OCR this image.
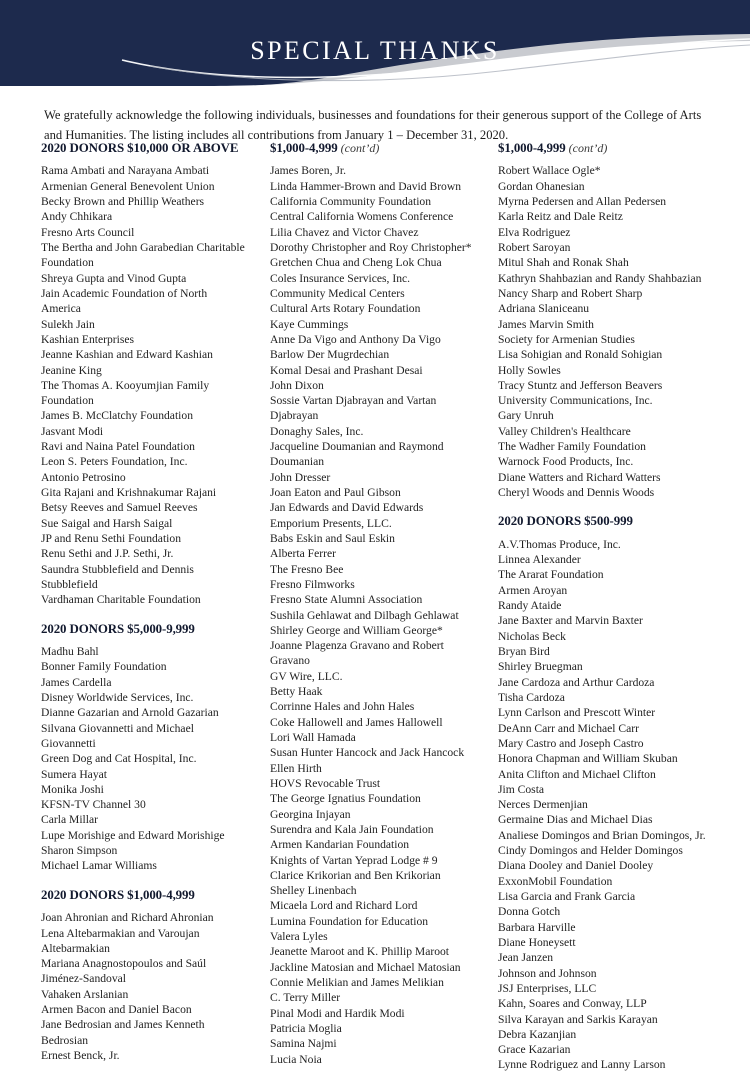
SPECIAL THANKS

We gratefully acknowledge the following individuals, businesses and foundations for their generous support of the College of Arts and Humanities. The listing includes all contributions from January 1 – December 31, 2020.

2020 DONORS $10,000 OR ABOVE
Rama Ambati and Narayana Ambati
Armenian General Benevolent Union
Becky Brown and Phillip Weathers
Andy Chhikara
Fresno Arts Council
The Bertha and John Garabedian Charitable
Foundation
Shreya Gupta and Vinod Gupta
Jain Academic Foundation of North
America
Sulekh Jain
Kashian Enterprises
Jeanne Kashian and Edward Kashian
Jeanine King
The Thomas A. Kooyumjian Family
Foundation
James B. McClatchy Foundation
Jasvant Modi
Ravi and Naina Patel Foundation
Leon S. Peters Foundation, Inc.
Antonio Petrosino
Gita Rajani and Krishnakumar Rajani
Betsy Reeves and Samuel Reeves
Sue Saigal and Harsh Saigal
JP and Renu Sethi Foundation
Renu Sethi and J.P. Sethi, Jr.
Saundra Stubblefield and Dennis
Stubblefield
Vardhaman Charitable Foundation
2020 DONORS $5,000-9,999
Madhu Bahl
Bonner Family Foundation
James Cardella
Disney Worldwide Services, Inc.
Dianne Gazarian and Arnold Gazarian
Silvana Giovannetti and Michael
Giovannetti
Green Dog and Cat Hospital, Inc.
Sumera Hayat
Monika Joshi
KFSN-TV Channel 30
Carla Millar
Lupe Morishige and Edward Morishige
Sharon Simpson
Michael Lamar Williams
2020 DONORS $1,000-4,999
Joan Ahronian and Richard Ahronian
Lena Altebarmakian and Varoujan
Altebarmakian
Mariana Anagnostopoulos and Saúl
Jiménez-Sandoval
Vahaken Arslanian
Armen Bacon and Daniel Bacon
Jane Bedrosian and James Kenneth
Bedrosian
Ernest Benck, Jr.
$1,000-4,999 (cont’d)
James Boren, Jr.
Linda Hammer-Brown and David Brown
California Community Foundation
Central California Womens Conference
Lilia Chavez and Victor Chavez
Dorothy Christopher and Roy Christopher*
Gretchen Chua and Cheng Lok Chua
Coles Insurance Services, Inc.
Community Medical Centers
Cultural Arts Rotary Foundation
Kaye Cummings
Anne Da Vigo and Anthony Da Vigo
Barlow Der Mugrdechian
Komal Desai and Prashant Desai
John Dixon
Sossie Vartan Djabrayan and Vartan
Djabrayan
Donaghy Sales, Inc.
Jacqueline Doumanian and Raymond
Doumanian
John Dresser
Joan Eaton and Paul Gibson
Jan Edwards and David Edwards
Emporium Presents, LLC.
Babs Eskin and Saul Eskin
Alberta Ferrer
The Fresno Bee
Fresno Filmworks
Fresno State Alumni Association
Sushila Gehlawat and Dilbagh Gehlawat
Shirley George and William George*
Joanne Plagenza Gravano and Robert
Gravano
GV Wire, LLC.
Betty Haak
Corrinne Hales and John Hales
Coke Hallowell and James Hallowell
Lori Wall Hamada
Susan Hunter Hancock and Jack Hancock
Ellen Hirth
HOVS Revocable Trust
The George Ignatius Foundation
Georgina Injayan
Surendra and Kala Jain Foundation
Armen Kandarian Foundation
Knights of Vartan Yeprad Lodge # 9
Clarice Krikorian and Ben Krikorian
Shelley Linenbach
Micaela Lord and Richard Lord
Lumina Foundation for Education
Valera Lyles
Jeanette Maroot and K. Phillip Maroot
Jackline Matosian and Michael Matosian
Connie Melikian and James Melikian
C. Terry Miller
Pinal Modi and Hardik Modi
Patricia Moglia
Samina Najmi
Lucia Noia
$1,000-4,999 (cont’d)
Robert Wallace Ogle*
Gordan Ohanesian
Myrna Pedersen and Allan Pedersen
Karla Reitz and Dale Reitz
Elva Rodriguez
Robert Saroyan
Mitul Shah and Ronak Shah
Kathryn Shahbazian and Randy Shahbazian
Nancy Sharp and Robert Sharp
Adriana Slaniceanu
James Marvin Smith
Society for Armenian Studies
Lisa Sohigian and Ronald Sohigian
Holly Sowles
Tracy Stuntz and Jefferson Beavers
University Communications, Inc.
Gary Unruh
Valley Children's Healthcare
The Wadher Family Foundation
Warnock Food Products, Inc.
Diane Watters and Richard Watters
Cheryl Woods and Dennis Woods
2020 DONORS $500-999
A.V.Thomas Produce, Inc.
Linnea Alexander
The Ararat Foundation
Armen Aroyan
Randy Ataide
Jane Baxter and Marvin Baxter
Nicholas Beck
Bryan Bird
Shirley Bruegman
Jane Cardoza and Arthur Cardoza
Tisha Cardoza
Lynn Carlson and Prescott Winter
DeAnn Carr and Michael Carr
Mary Castro and Joseph Castro
Honora Chapman and William Skuban
Anita Clifton and Michael Clifton
Jim Costa
Nerces Dermenjian
Germaine Dias and Michael Dias
Analiese Domingos and Brian Domingos, Jr.
Cindy Domingos and Helder Domingos
Diana Dooley and Daniel Dooley
ExxonMobil Foundation
Lisa Garcia and Frank Garcia
Donna Gotch
Barbara Harville
Diane Honeysett
Jean Janzen
Johnson and Johnson
JSJ Enterprises, LLC
Kahn, Soares and Conway, LLP
Silva Karayan and Sarkis Karayan
Debra Kazanjian
Grace Kazarian
Lynne Rodriguez and Lanny Larson
